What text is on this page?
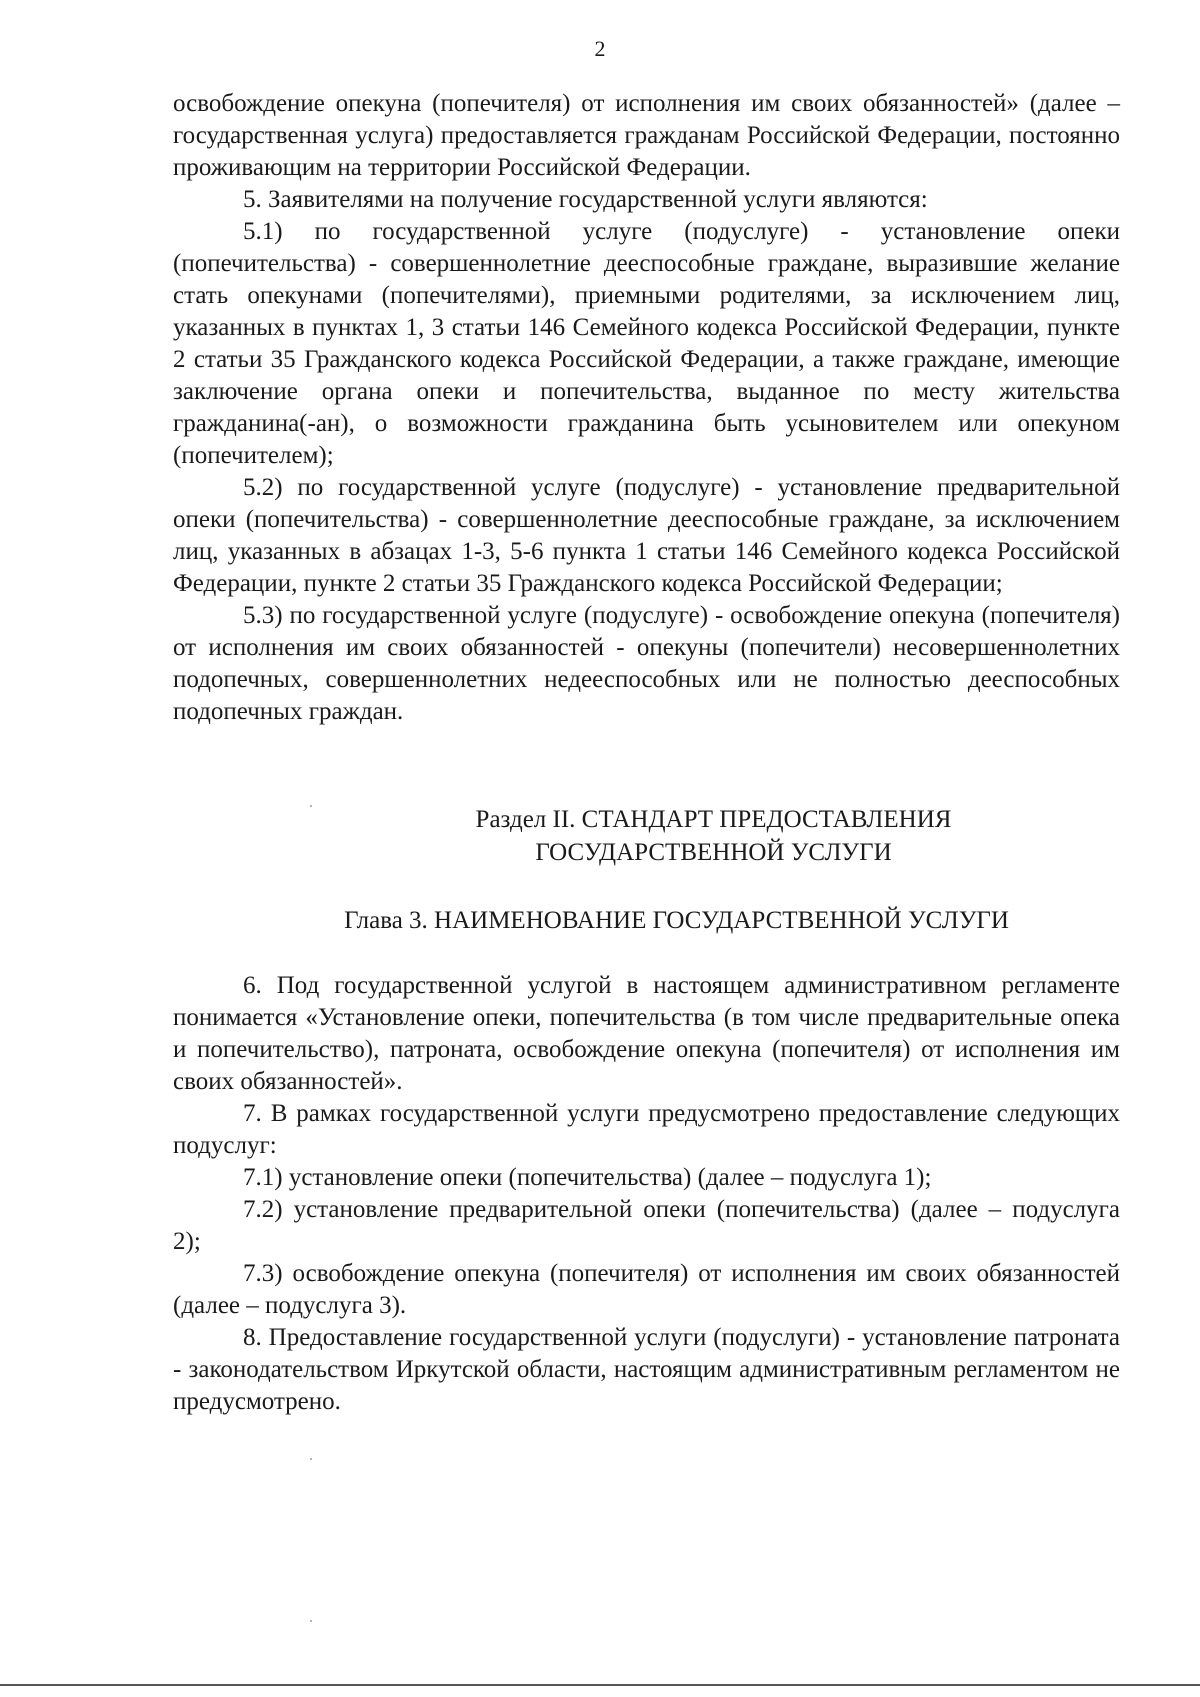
2

освобождение опекуна (попечителя) от исполнения им своих обязанностей» (далее – государственная услуга) предоставляется гражданам Российской Федерации, постоянно проживающим на территории Российской Федерации.

5. Заявителями на получение государственной услуги являются:

5.1) по государственной услуге (подуслуге) - установление опеки (попечительства) - совершеннолетние дееспособные граждане, выразившие желание стать опекунами (попечителями), приемными родителями, за исключением лиц, указанных в пунктах 1, 3 статьи 146 Семейного кодекса Российской Федерации, пункте 2 статьи 35 Гражданского кодекса Российской Федерации, а также граждане, имеющие заключение органа опеки и попечительства, выданное по месту жительства гражданина(-ан), о возможности гражданина быть усыновителем или опекуном (попечителем);

5.2) по государственной услуге (подуслуге) - установление предварительной опеки (попечительства) - совершеннолетние дееспособные граждане, за исключением лиц, указанных в абзацах 1-3, 5-6 пункта 1 статьи 146 Семейного кодекса Российской Федерации, пункте 2 статьи 35 Гражданского кодекса Российской Федерации;

5.3) по государственной услуге (подуслуге) - освобождение опекуна (попечителя) от исполнения им своих обязанностей - опекуны (попечители) несовершеннолетних подопечных, совершеннолетних недееспособных или не полностью дееспособных подопечных граждан.

Раздел II. СТАНДАРТ ПРЕДОСТАВЛЕНИЯ
ГОСУДАРСТВЕННОЙ УСЛУГИ
Глава 3. НАИМЕНОВАНИЕ ГОСУДАРСТВЕННОЙ УСЛУГИ

6. Под государственной услугой в настоящем административном регламенте понимается «Установление опеки, попечительства (в том числе предварительные опека и попечительство), патроната, освобождение опекуна (попечителя) от исполнения им своих обязанностей».

7. В рамках государственной услуги предусмотрено предоставление следующих подуслуг:

7.1) установление опеки (попечительства) (далее – подуслуга 1);

7.2) установление предварительной опеки (попечительства) (далее – подуслуга 2);

7.3) освобождение опекуна (попечителя) от исполнения им своих обязанностей (далее – подуслуга 3).

8. Предоставление государственной услуги (подуслуги) - установление патроната - законодательством Иркутской области, настоящим административным регламентом не предусмотрено.
